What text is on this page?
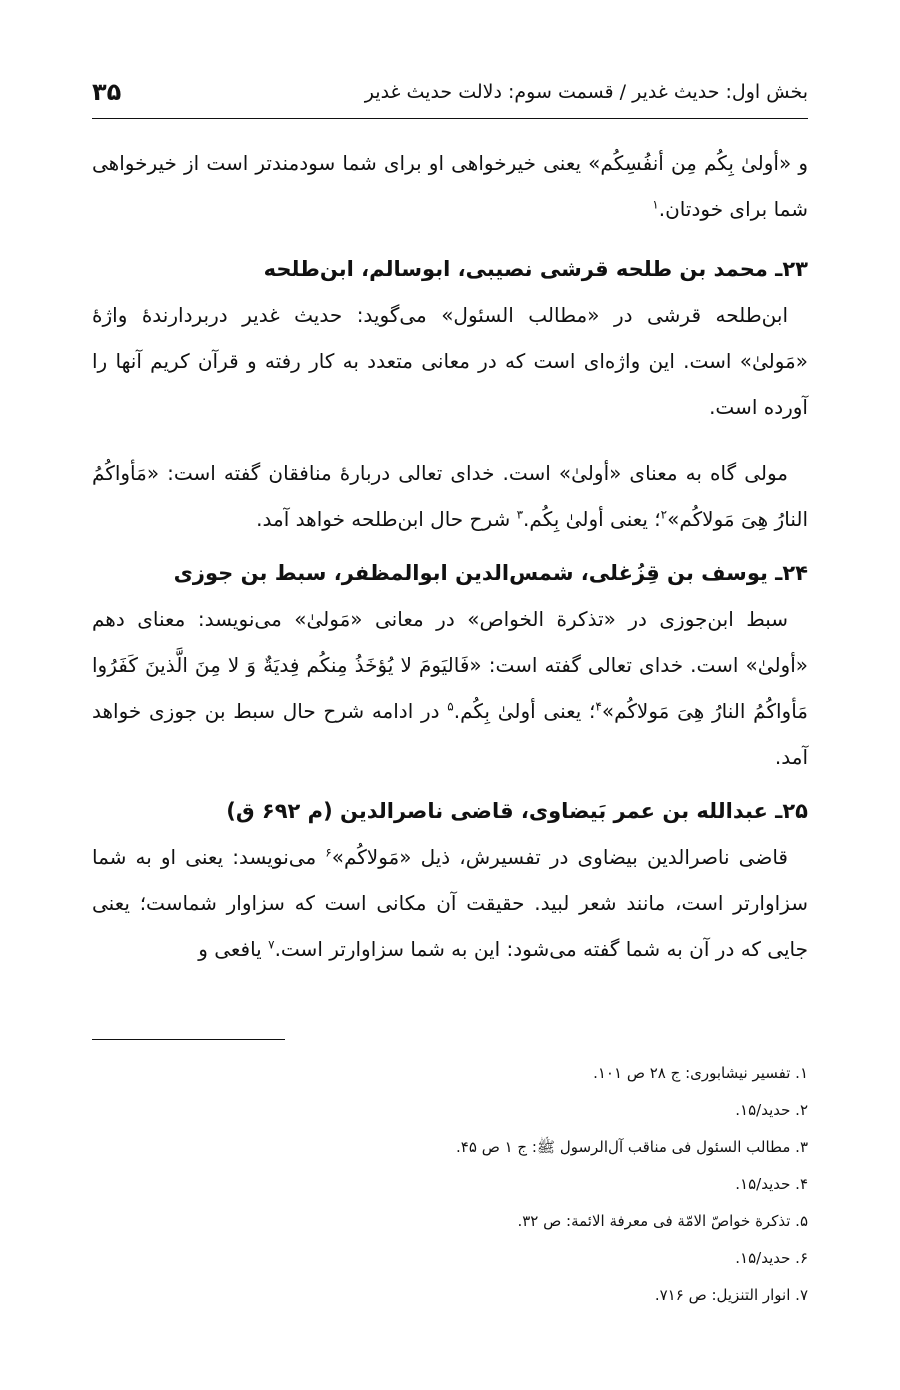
بخش اول: حدیث غدیر / قسمت سوم: دلالت حدیث غدیر
۳۵

و «أولیٰ بِکُم مِن أنفُسِکُم» یعنی خیرخواهی او برای شما سودمندتر است از خیرخواهی شما برای خودتان.$^۱$

۲۳ـ محمد بن طلحه قرشی نصیبی، ابوسالم، ابن‌طلحه

ابن‌طلحه قرشی در «مطالب السئول» می‌گوید: حدیث غدیر دربردارندهٔ واژهٔ «مَولیٰ» است. این واژه‌ای است که در معانی متعدد به کار رفته و قرآن کریم آنها را آورده است.

مولی گاه به معنای «أولیٰ» است. خدای تعالی دربارهٔ منافقان گفته است: «مَأواکُمُ النارُ هِیَ مَولاکُم»$^۲$؛ یعنی أولیٰ بِکُم.$^۳$ شرح حال ابن‌طلحه خواهد آمد.

۲۴ـ یوسف بن قِزُغلی، شمس‌الدین ابوالمظفر، سبط بن جوزی

سبط ابن‌جوزی در «تذکرة الخواص» در معانی «مَولیٰ» می‌نویسد: معنای دهم «أولیٰ» است. خدای تعالی گفته است: «فَالیَومَ لا یُؤخَذُ مِنکُم فِدیَةٌ وَ لا مِنَ الَّذینَ کَفَرُوا مَأواکُمُ النارُ هِیَ مَولاکُم»$^۴$؛ یعنی أولیٰ بِکُم.$^۵$ در ادامه شرح حال سبط بن جوزی خواهد آمد.

۲۵ـ عبدالله بن عمر بَیضاوی، قاضی ناصرالدین (م ۶۹۲ ق)

قاضی ناصرالدین بیضاوی در تفسیرش، ذیل «مَولاکُم»$^۶$ می‌نویسد: یعنی او به شما سزاوارتر است، مانند شعر لبید. حقیقت آن مکانی است که سزاوار شماست؛ یعنی جایی که در آن به شما گفته می‌شود: این به شما سزاوارتر است.$^۷$ یافعی و

۱. تفسیر نیشابوری: ج ۲۸ ص ۱۰۱.
۲. حدید/۱۵.
۳. مطالب السئول فی مناقب آل‌الرسول ﷺ: ج ۱ ص ۴۵.
۴. حدید/۱۵.
۵. تذکرة خواصّ الامّة فی معرفة الائمة: ص ۳۲.
۶. حدید/۱۵.
۷. انوار التنزیل: ص ۷۱۶.
